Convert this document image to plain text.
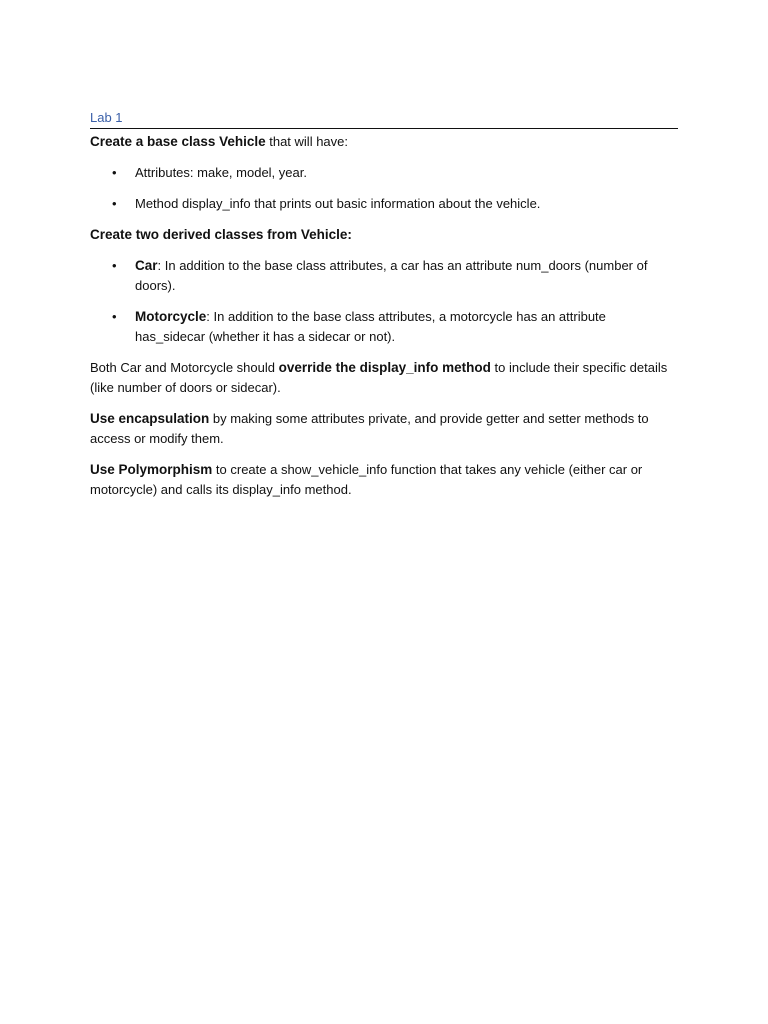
Lab 1

Create a base class Vehicle that will have:

• Attributes: make, model, year.
• Method display_info that prints out basic information about the vehicle.

Create two derived classes from Vehicle:

• Car: In addition to the base class attributes, a car has an attribute num_doors (number of doors).
• Motorcycle: In addition to the base class attributes, a motorcycle has an attribute has_sidecar (whether it has a sidecar or not).

Both Car and Motorcycle should override the display_info method to include their specific details (like number of doors or sidecar).

Use encapsulation by making some attributes private, and provide getter and setter methods to access or modify them.

Use Polymorphism to create a show_vehicle_info function that takes any vehicle (either car or motorcycle) and calls its display_info method.
